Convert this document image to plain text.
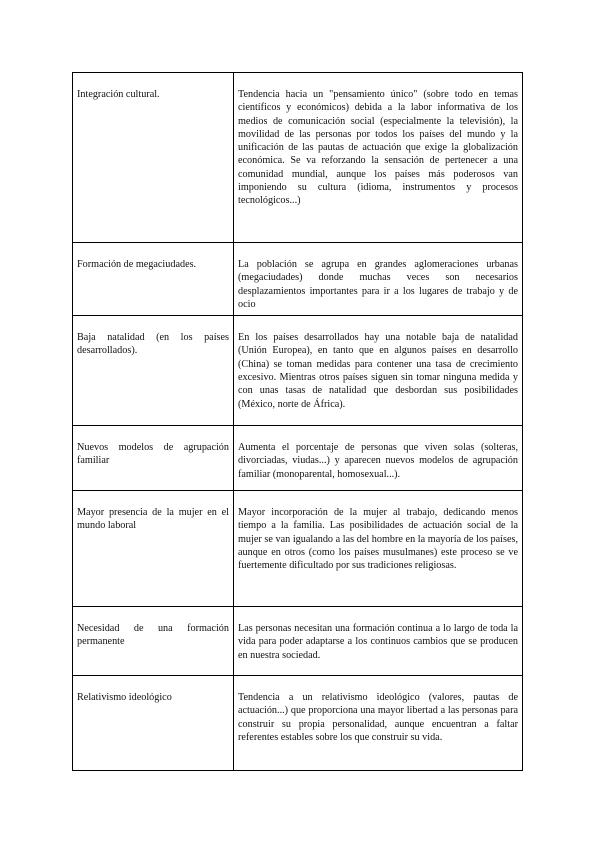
Integración cultural.	Tendencia hacia un "pensamiento único" (sobre todo en temas científicos y económicos) debida a la labor informativa de los medios de comunicación social (especialmente la televisión), la movilidad de las personas por todos los países del mundo y la unificación de las pautas de actuación que exige la globalización económica. Se va reforzando la sensación de pertenecer a una comunidad mundial, aunque los países más poderosos van imponiendo su cultura (idioma, instrumentos y procesos tecnológicos...)

Formación de megaciudades.	La población se agrupa en grandes aglomeraciones urbanas (megaciudades) donde muchas veces son necesarios desplazamientos importantes para ir a los lugares de trabajo y de ocio

Baja natalidad (en los países desarrollados).	En los países desarrollados hay una notable baja de natalidad (Unión Europea), en tanto que en algunos países en desarrollo (China) se toman medidas para contener una tasa de crecimiento excesivo. Mientras otros países siguen sin tomar ninguna medida y con unas tasas de natalidad que desbordan sus posibilidades (México, norte de África).

Nuevos modelos de agrupación familiar	Aumenta el porcentaje de personas que viven solas (solteras, divorciadas, viudas...) y aparecen nuevos modelos de agrupación familiar (monoparental, homosexual...).

Mayor presencia de la mujer en el mundo laboral	Mayor incorporación de la mujer al trabajo, dedicando menos tiempo a la familia. Las posibilidades de actuación social de la mujer se van igualando a las del hombre en la mayoría de los países, aunque en otros (como los países musulmanes) este proceso se ve fuertemente dificultado por sus tradiciones religiosas.

Necesidad de una formación permanente	Las personas necesitan una formación continua a lo largo de toda la vida para poder adaptarse a los continuos cambios que se producen en nuestra sociedad.

Relativismo ideológico	Tendencia a un relativismo ideológico (valores, pautas de actuación...) que proporciona una mayor libertad a las personas para construir su propia personalidad, aunque encuentran a faltar referentes estables sobre los que construir su vida.
